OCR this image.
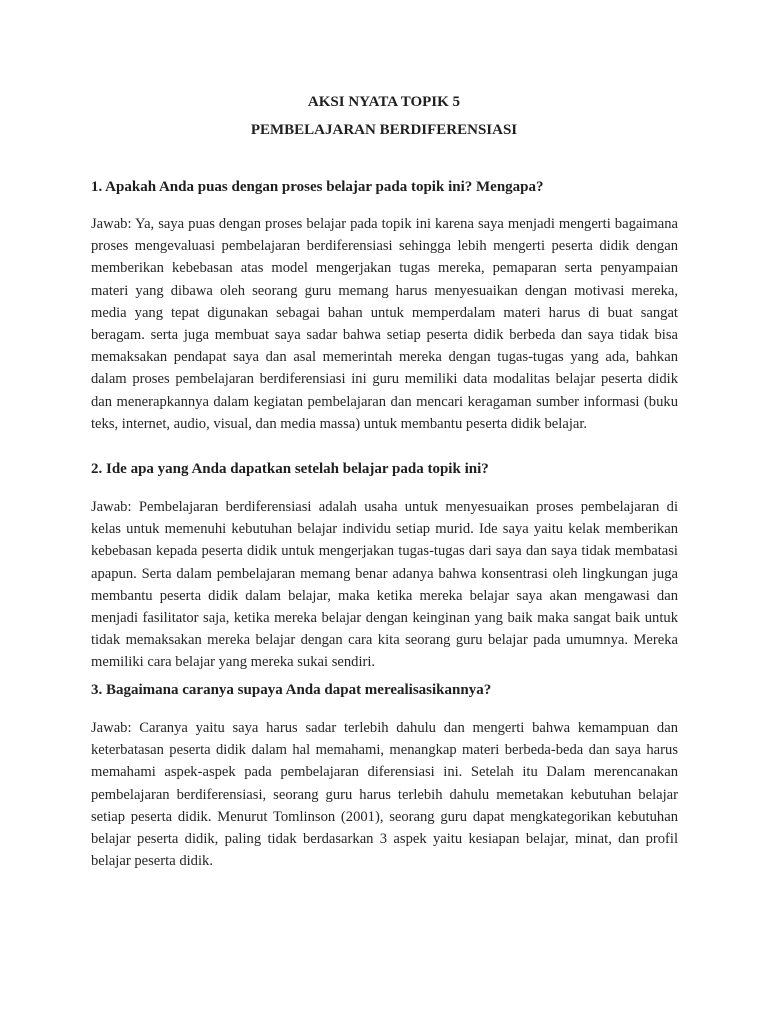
AKSI NYATA TOPIK 5
PEMBELAJARAN BERDIFERENSIASI

1. Apakah Anda puas dengan proses belajar pada topik ini? Mengapa?

Jawab: Ya, saya puas dengan proses belajar pada topik ini karena saya menjadi mengerti bagaimana proses mengevaluasi pembelajaran berdiferensiasi sehingga lebih mengerti peserta didik dengan memberikan kebebasan atas model mengerjakan tugas mereka, pemaparan serta penyampaian materi yang dibawa oleh seorang guru memang harus menyesuaikan dengan motivasi mereka, media yang tepat digunakan sebagai bahan untuk memperdalam materi harus di buat sangat beragam. serta juga membuat saya sadar bahwa setiap peserta didik berbeda dan saya tidak bisa memaksakan pendapat saya dan asal memerintah mereka dengan tugas-tugas yang ada, bahkan dalam proses pembelajaran berdiferensiasi ini guru memiliki data modalitas belajar peserta didik dan menerapkannya dalam kegiatan pembelajaran dan mencari keragaman sumber informasi (buku teks, internet, audio, visual, dan media massa) untuk membantu peserta didik belajar.

2. Ide apa yang Anda dapatkan setelah belajar pada topik ini?

Jawab: Pembelajaran berdiferensiasi adalah usaha untuk menyesuaikan proses pembelajaran di kelas untuk memenuhi kebutuhan belajar individu setiap murid. Ide saya yaitu kelak memberikan kebebasan kepada peserta didik untuk mengerjakan tugas-tugas dari saya dan saya tidak membatasi apapun. Serta dalam pembelajaran memang benar adanya bahwa konsentrasi oleh lingkungan juga membantu peserta didik dalam belajar, maka ketika mereka belajar saya akan mengawasi dan menjadi fasilitator saja, ketika mereka belajar dengan keinginan yang baik maka sangat baik untuk tidak memaksakan mereka belajar dengan cara kita seorang guru belajar pada umumnya. Mereka memiliki cara belajar yang mereka sukai sendiri.

3. Bagaimana caranya supaya Anda dapat merealisasikannya?

Jawab: Caranya yaitu saya harus sadar terlebih dahulu dan mengerti bahwa kemampuan dan keterbatasan peserta didik dalam hal memahami, menangkap materi berbeda-beda dan saya harus memahami aspek-aspek pada pembelajaran diferensiasi ini. Setelah itu Dalam merencanakan pembelajaran berdiferensiasi, seorang guru harus terlebih dahulu memetakan kebutuhan belajar setiap peserta didik. Menurut Tomlinson (2001), seorang guru dapat mengkategorikan kebutuhan belajar peserta didik, paling tidak berdasarkan 3 aspek yaitu kesiapan belajar, minat, dan profil belajar peserta didik.
